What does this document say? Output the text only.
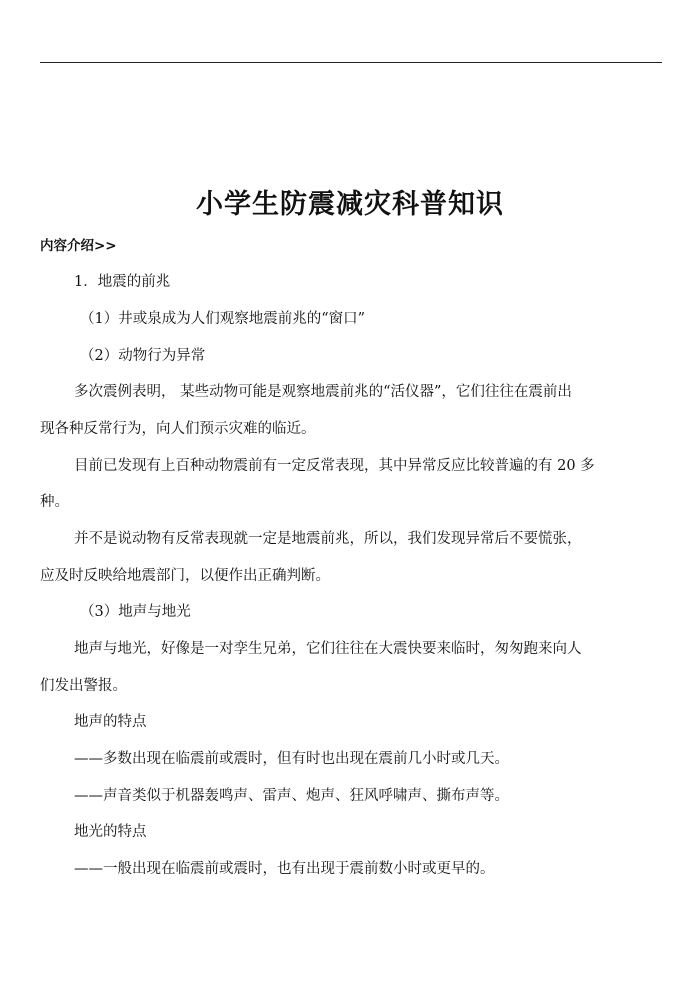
小学生防震减灾科普知识
内容介绍>>
1．地震的前兆
（1）井或泉成为人们观察地震前兆的“窗口”
（2）动物行为异常
多次震例表明， 某些动物可能是观察地震前兆的“活仪器”，它们往往在震前出
现各种反常行为，向人们预示灾难的临近。
目前已发现有上百种动物震前有一定反常表现，其中异常反应比较普遍的有 20 多
种。
并不是说动物有反常表现就一定是地震前兆，所以，我们发现异常后不要慌张，
应及时反映给地震部门，以便作出正确判断。
（3）地声与地光
地声与地光，好像是一对孪生兄弟，它们往往在大震快要来临时，匆匆跑来向人
们发出警报。
地声的特点
——多数出现在临震前或震时，但有时也出现在震前几小时或几天。
——声音类似于机器轰鸣声、雷声、炮声、狂风呼啸声、撕布声等。
地光的特点
——一般出现在临震前或震时，也有出现于震前数小时或更早的。
